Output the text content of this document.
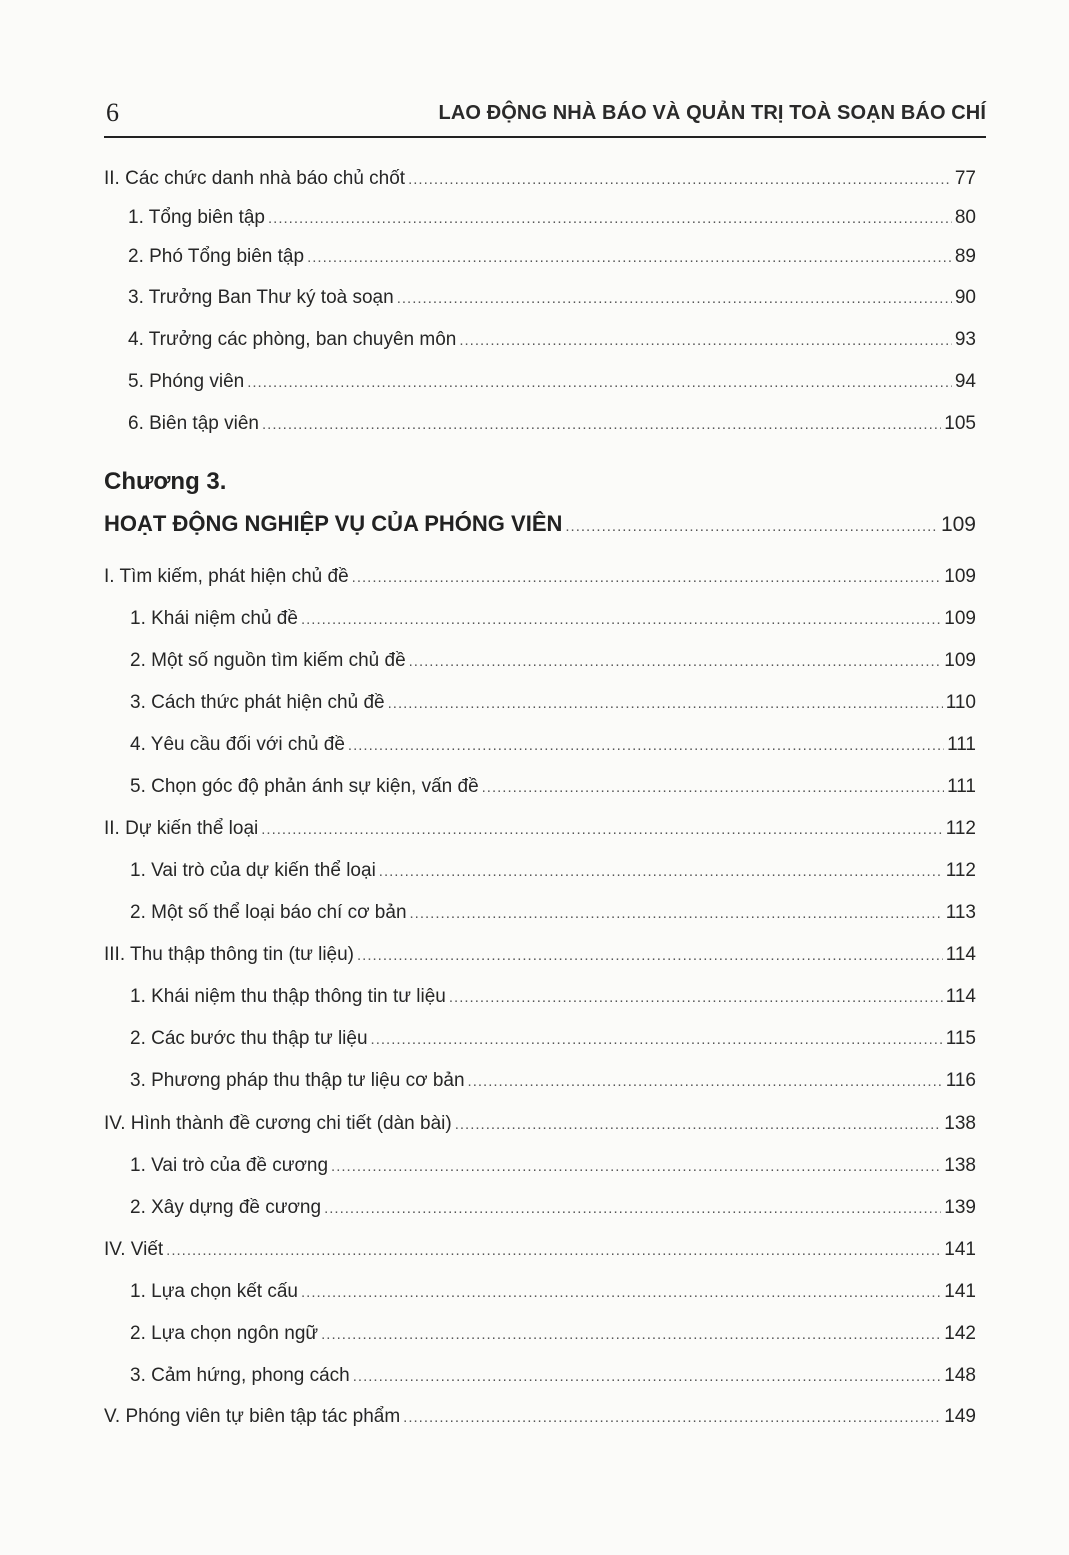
6	LAO ĐỘNG NHÀ BÁO VÀ QUẢN TRỊ TOÀ SOẠN BÁO CHÍ
II. Các chức danh nhà báo chủ chốt .....	77
1. Tổng biên tập .....	80
2. Phó Tổng biên tập .....	89
3. Trưởng Ban Thư ký toà soạn .....	90
4. Trưởng các phòng, ban chuyên môn .....	93
5. Phóng viên .....	94
6. Biên tập viên .....	105
Chương 3.
HOẠT ĐỘNG NGHIỆP VỤ CỦA PHÓNG VIÊN .....	109
I. Tìm kiếm, phát hiện chủ đề .....	109
1. Khái niệm chủ đề .....	109
2. Một số nguồn tìm kiếm chủ đề .....	109
3. Cách thức phát hiện chủ đề .....	110
4. Yêu cầu đối với chủ đề .....	111
5. Chọn góc độ phản ánh sự kiện, vấn đề .....	111
II. Dự kiến thể loại .....	112
1. Vai trò của dự kiến thể loại .....	112
2. Một số thể loại báo chí cơ bản .....	113
III. Thu thập thông tin (tư liệu) .....	114
1. Khái niệm thu thập thông tin tư liệu .....	114
2. Các bước thu thập tư liệu .....	115
3. Phương pháp thu thập tư liệu cơ bản .....	116
IV. Hình thành đề cương chi tiết (dàn bài) .....	138
1. Vai trò của đề cương .....	138
2. Xây dựng đề cương .....	139
IV. Viết .....	141
1. Lựa chọn kết cấu .....	141
2. Lựa chọn ngôn ngữ .....	142
3. Cảm hứng, phong cách .....	148
V. Phóng viên tự biên tập tác phẩm .....	149
